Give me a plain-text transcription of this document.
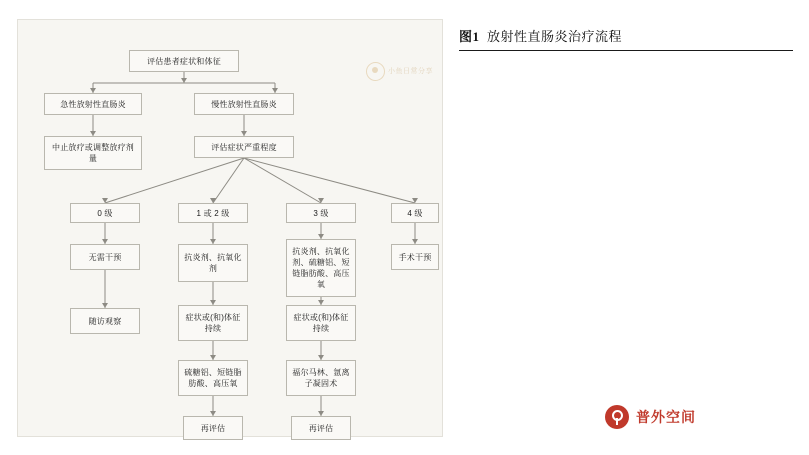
小鱼日常分享
评估患者症状和体征
急性放射性直肠炎	慢性放射性直肠炎
中止放疗或调整放疗剂量
评估症状严重程度
0 级	1 或 2 级	3 级	4 级
无需干预	抗炎剂、抗氧化剂
抗炎剂、抗氧化剂、硫糖铝、短链脂肪酸、高压氧
手术干预
随访观察	症状或(和)体征持续
症状或(和)体征持续
硫糖铝、短链脂肪酸、高压氧
福尔马林、氩离子凝固术
再评估	再评估
图1 放射性直肠炎治疗流程
普外空间
